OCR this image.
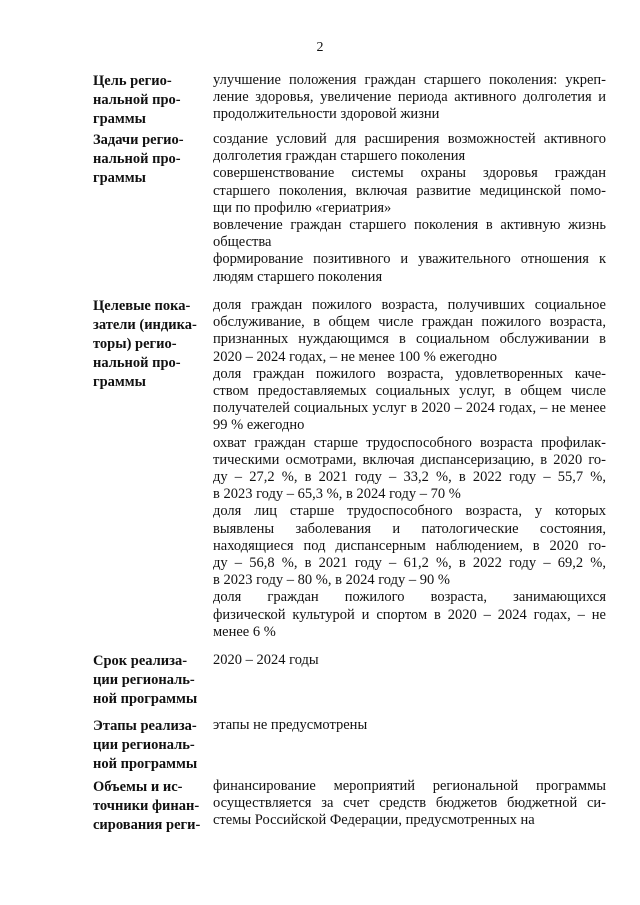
2
Цель регио-
нальной про-
граммы
улучшение положения граждан старшего поколения: укреп-
ление здоровья, увеличение периода активного долголетия и
продолжительности здоровой жизни
Задачи регио-
нальной про-
граммы
создание условий для расширения возможностей активного
долголетия граждан старшего поколения
совершенствование системы охраны здоровья граждан
старшего поколения, включая развитие медицинской помо-
щи по профилю «гериатрия»
вовлечение граждан старшего поколения в активную жизнь
общества
формирование позитивного и уважительного отношения к
людям старшего поколения
Целевые пока-
затели (индика-
торы) регио-
нальной про-
граммы
доля граждан пожилого возраста, получивших социальное
обслуживание, в общем числе граждан пожилого возраста,
признанных нуждающимся в социальном обслуживании в
2020 – 2024 годах, – не менее 100 % ежегодно
доля граждан пожилого возраста, удовлетворенных каче-
ством предоставляемых социальных услуг, в общем числе
получателей социальных услуг в 2020 – 2024 годах, – не менее
99 % ежегодно
охват граждан старше трудоспособного возраста профилак-
тическими осмотрами, включая диспансеризацию, в 2020 го-
ду – 27,2 %, в 2021 году – 33,2 %, в 2022 году – 55,7 %,
в 2023 году – 65,3 %, в 2024 году – 70 %
доля лиц старше трудоспособного возраста, у которых
выявлены заболевания и патологические состояния,
находящиеся под диспансерным наблюдением, в 2020 го-
ду – 56,8 %, в 2021 году – 61,2 %, в 2022 году – 69,2 %,
в 2023 году – 80 %, в 2024 году – 90 %
доля граждан пожилого возраста, занимающихся
физической культурой и спортом в 2020 – 2024 годах, – не
менее 6 %
Срок реализа-
ции региональ-
ной программы
2020 – 2024 годы
Этапы реализа-
ции региональ-
ной программы
этапы не предусмотрены
Объемы и ис-
точники финан-
сирования реги-
финансирование мероприятий региональной программы
осуществляется за счет средств бюджетов бюджетной си-
стемы Российской Федерации, предусмотренных на
